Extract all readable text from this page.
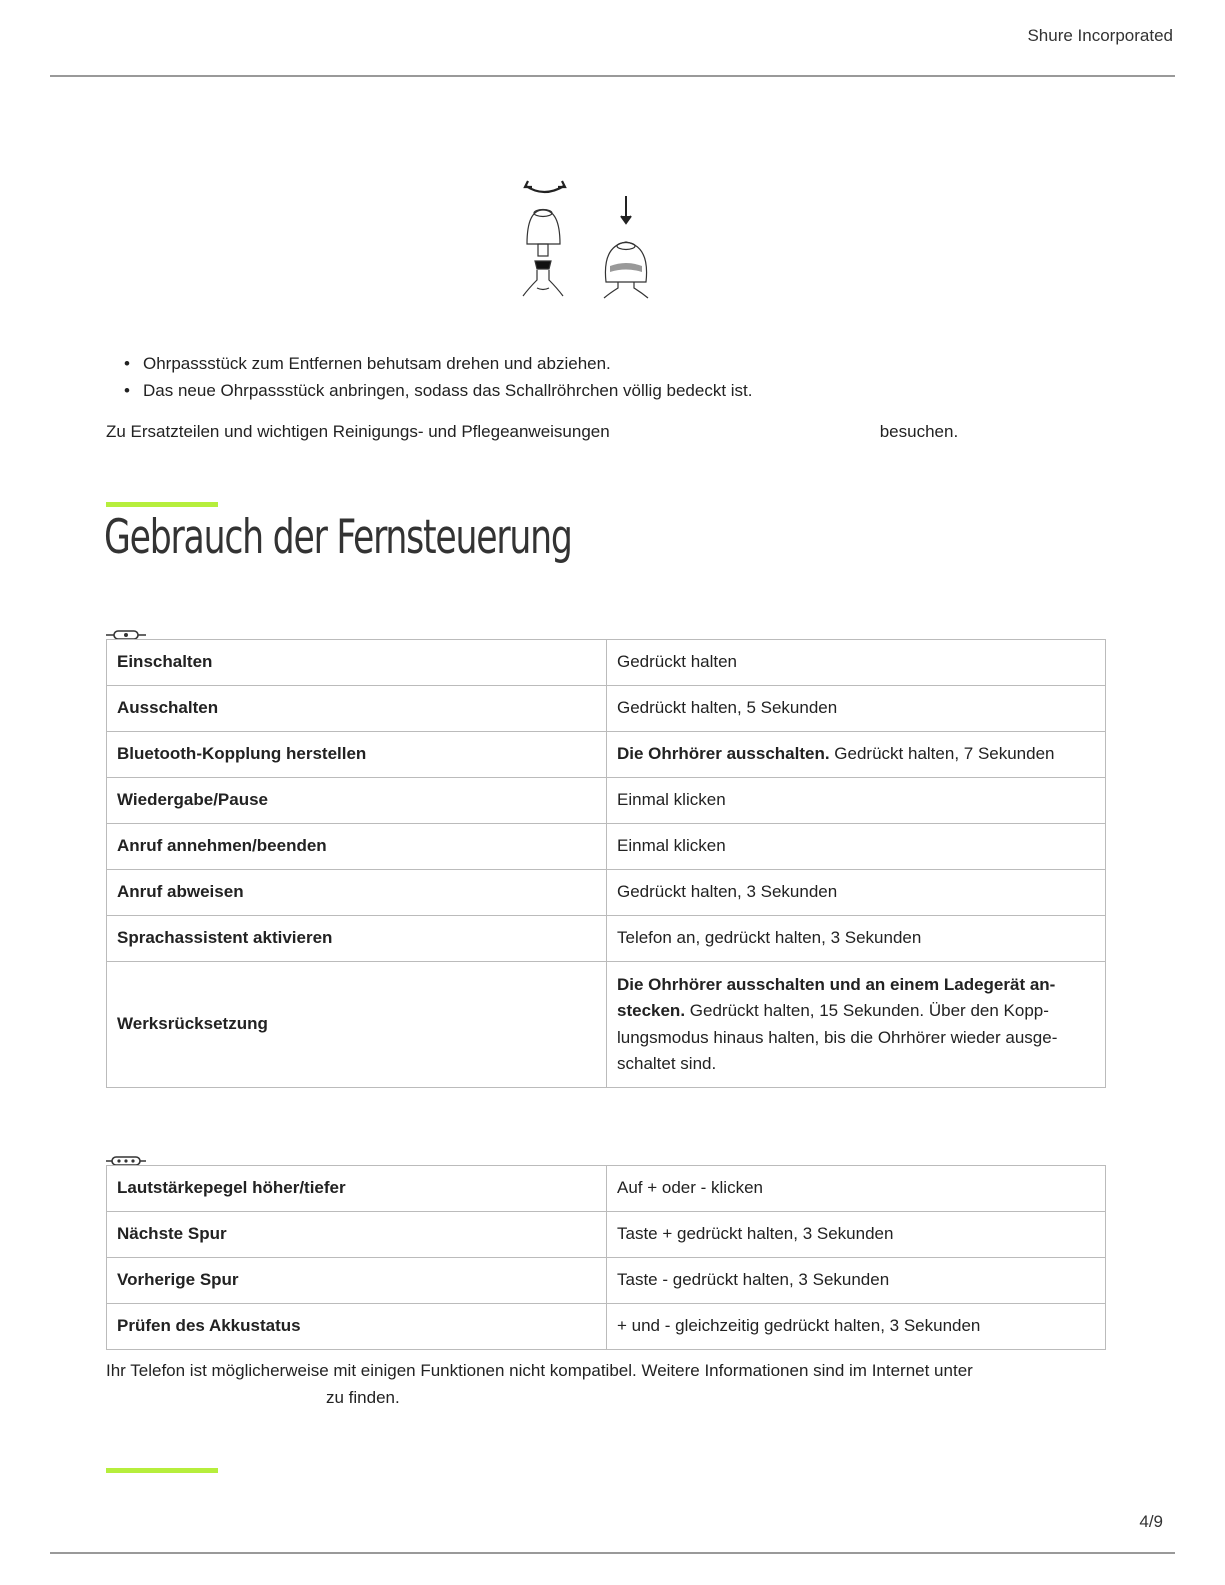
Shure Incorporated
• Ohrpassstück zum Entfernen behutsam drehen und abziehen.
• Das neue Ohrpassstück anbringen, sodass das Schallröhrchen völlig bedeckt ist.
Zu Ersatzteilen und wichtigen Reinigungs- und Pflegeanweisungen	besuchen.
Gebrauch der Fernsteuerung
Einschalten	Gedrückt halten
Ausschalten	Gedrückt halten, 5 Sekunden
Bluetooth-Kopplung herstellen	Die Ohrhörer ausschalten. Gedrückt halten, 7 Sekunden
Wiedergabe/Pause	Einmal klicken
Anruf annehmen/beenden	Einmal klicken
Anruf abweisen	Gedrückt halten, 3 Sekunden
Sprachassistent aktivieren	Telefon an, gedrückt halten, 3 Sekunden
Werksrücksetzung	Die Ohrhörer ausschalten und an einem Ladegerät an-stecken. Gedrückt halten, 15 Sekunden. Über den Kopp-lungsmodus hinaus halten, bis die Ohrhörer wieder ausge-schaltet sind.
Lautstärkepegel höher/tiefer	Auf + oder - klicken
Nächste Spur	Taste + gedrückt halten, 3 Sekunden
Vorherige Spur	Taste - gedrückt halten, 3 Sekunden
Prüfen des Akkustatus	+ und - gleichzeitig gedrückt halten, 3 Sekunden
Ihr Telefon ist möglicherweise mit einigen Funktionen nicht kompatibel. Weitere Informationen sind im Internet unter
zu finden.
4/9
